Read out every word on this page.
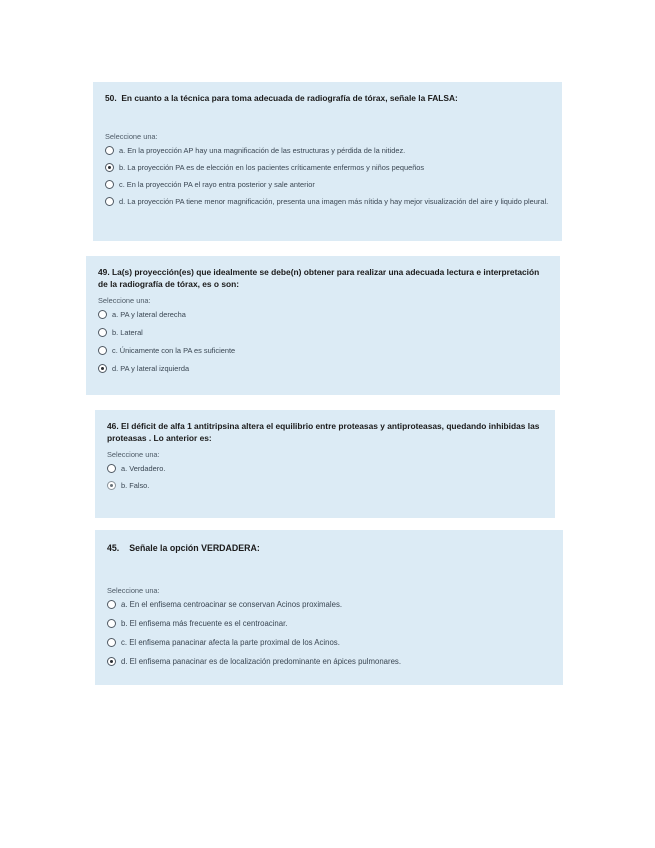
50. En cuanto a la técnica para toma adecuada de radiografía de tórax, señale la FALSA:
Seleccione una:
a. En la proyección AP hay una magnificación de las estructuras y pérdida de la nitidez.
b. La proyección PA es de elección en los pacientes críticamente enfermos y niños pequeños
c. En la proyección PA el rayo entra posterior y sale anterior
d. La proyección PA tiene menor magnificación, presenta una imagen más nítida y hay mejor visualización del aire y liquido pleural.
49. La(s) proyección(es) que idealmente se debe(n) obtener para realizar una adecuada lectura e interpretación de la radiografía de tórax, es o son:
Seleccione una:
a. PA y lateral derecha
b. Lateral
c. Únicamente con la PA es suficiente
d. PA y lateral izquierda
46. El déficit de alfa 1 antitripsina altera el equilibrio entre proteasas y antiproteasas, quedando inhibidas las proteasas . Lo anterior es:
Seleccione una:
a. Verdadero.
b. Falso.
45. Señale la opción VERDADERA:
Seleccione una:
a. En el enfisema centroacinar se conservan Acinos proximales.
b. El enfisema más frecuente es el centroacinar.
c. El enfisema panacinar afecta la parte proximal de los Acinos.
d. El enfisema panacinar es de localización predominante en ápices pulmonares.
